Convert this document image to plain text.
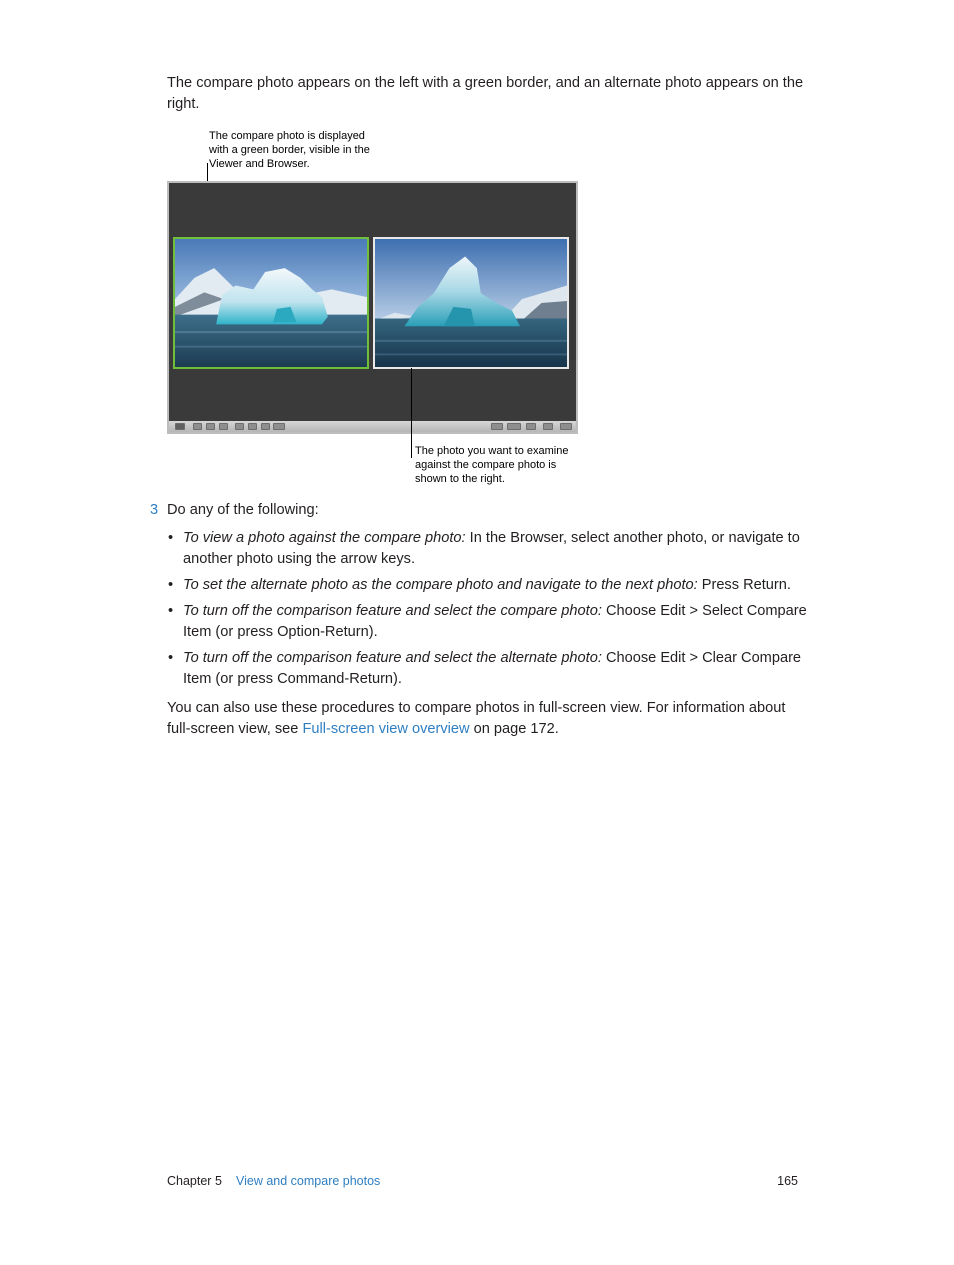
The compare photo appears on the left with a green border, and an alternate photo appears on the right.

The compare photo is displayed with a green border, visible in the Viewer and Browser.
The photo you want to examine against the compare photo is shown to the right.
3 Do any of the following:
• To view a photo against the compare photo: In the Browser, select another photo, or navigate to another photo using the arrow keys.
• To set the alternate photo as the compare photo and navigate to the next photo: Press Return.
• To turn off the comparison feature and select the compare photo: Choose Edit > Select Compare Item (or press Option-Return).
• To turn off the comparison feature and select the alternate photo: Choose Edit > Clear Compare Item (or press Command-Return).

You can also use these procedures to compare photos in full-screen view. For information about full-screen view, see Full-screen view overview on page 172.

Chapter 5 View and compare photos	165
